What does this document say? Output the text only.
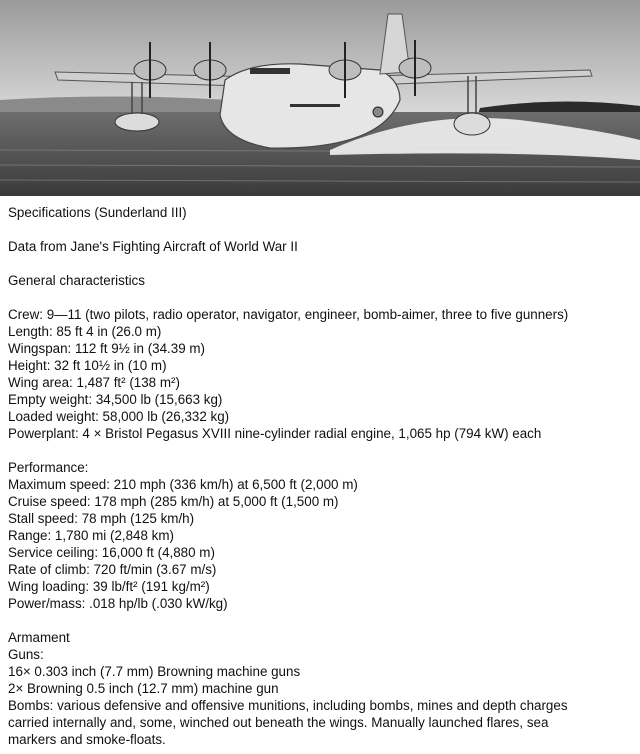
Specifications (Sunderland III)
Data from Jane's Fighting Aircraft of World War II
General characteristics
Crew: 9—11 (two pilots, radio operator, navigator, engineer, bomb-aimer, three to five gunners)
Length: 85 ft 4 in (26.0 m)
Wingspan: 112 ft 9½ in (34.39 m)
Height: 32 ft 10½ in (10 m)
Wing area: 1,487 ft² (138 m²)
Empty weight: 34,500 lb (15,663 kg)
Loaded weight: 58,000 lb (26,332 kg)
Powerplant: 4 × Bristol Pegasus XVIII nine-cylinder radial engine, 1,065 hp (794 kW) each
Performance:
Maximum speed: 210 mph (336 km/h) at 6,500 ft (2,000 m)
Cruise speed: 178 mph (285 km/h) at 5,000 ft (1,500 m)
Stall speed: 78 mph (125 km/h)
Range: 1,780 mi (2,848 km)
Service ceiling: 16,000 ft (4,880 m)
Rate of climb: 720 ft/min (3.67 m/s)
Wing loading: 39 lb/ft² (191 kg/m²)
Power/mass: .018 hp/lb (.030 kW/kg)
Armament
Guns:
16× 0.303 inch (7.7 mm) Browning machine guns
2× Browning 0.5 inch (12.7 mm) machine gun
Bombs: various defensive and offensive munitions, including bombs, mines and depth charges
carried internally and, some, winched out beneath the wings. Manually launched flares, sea
markers and smoke-floats.
